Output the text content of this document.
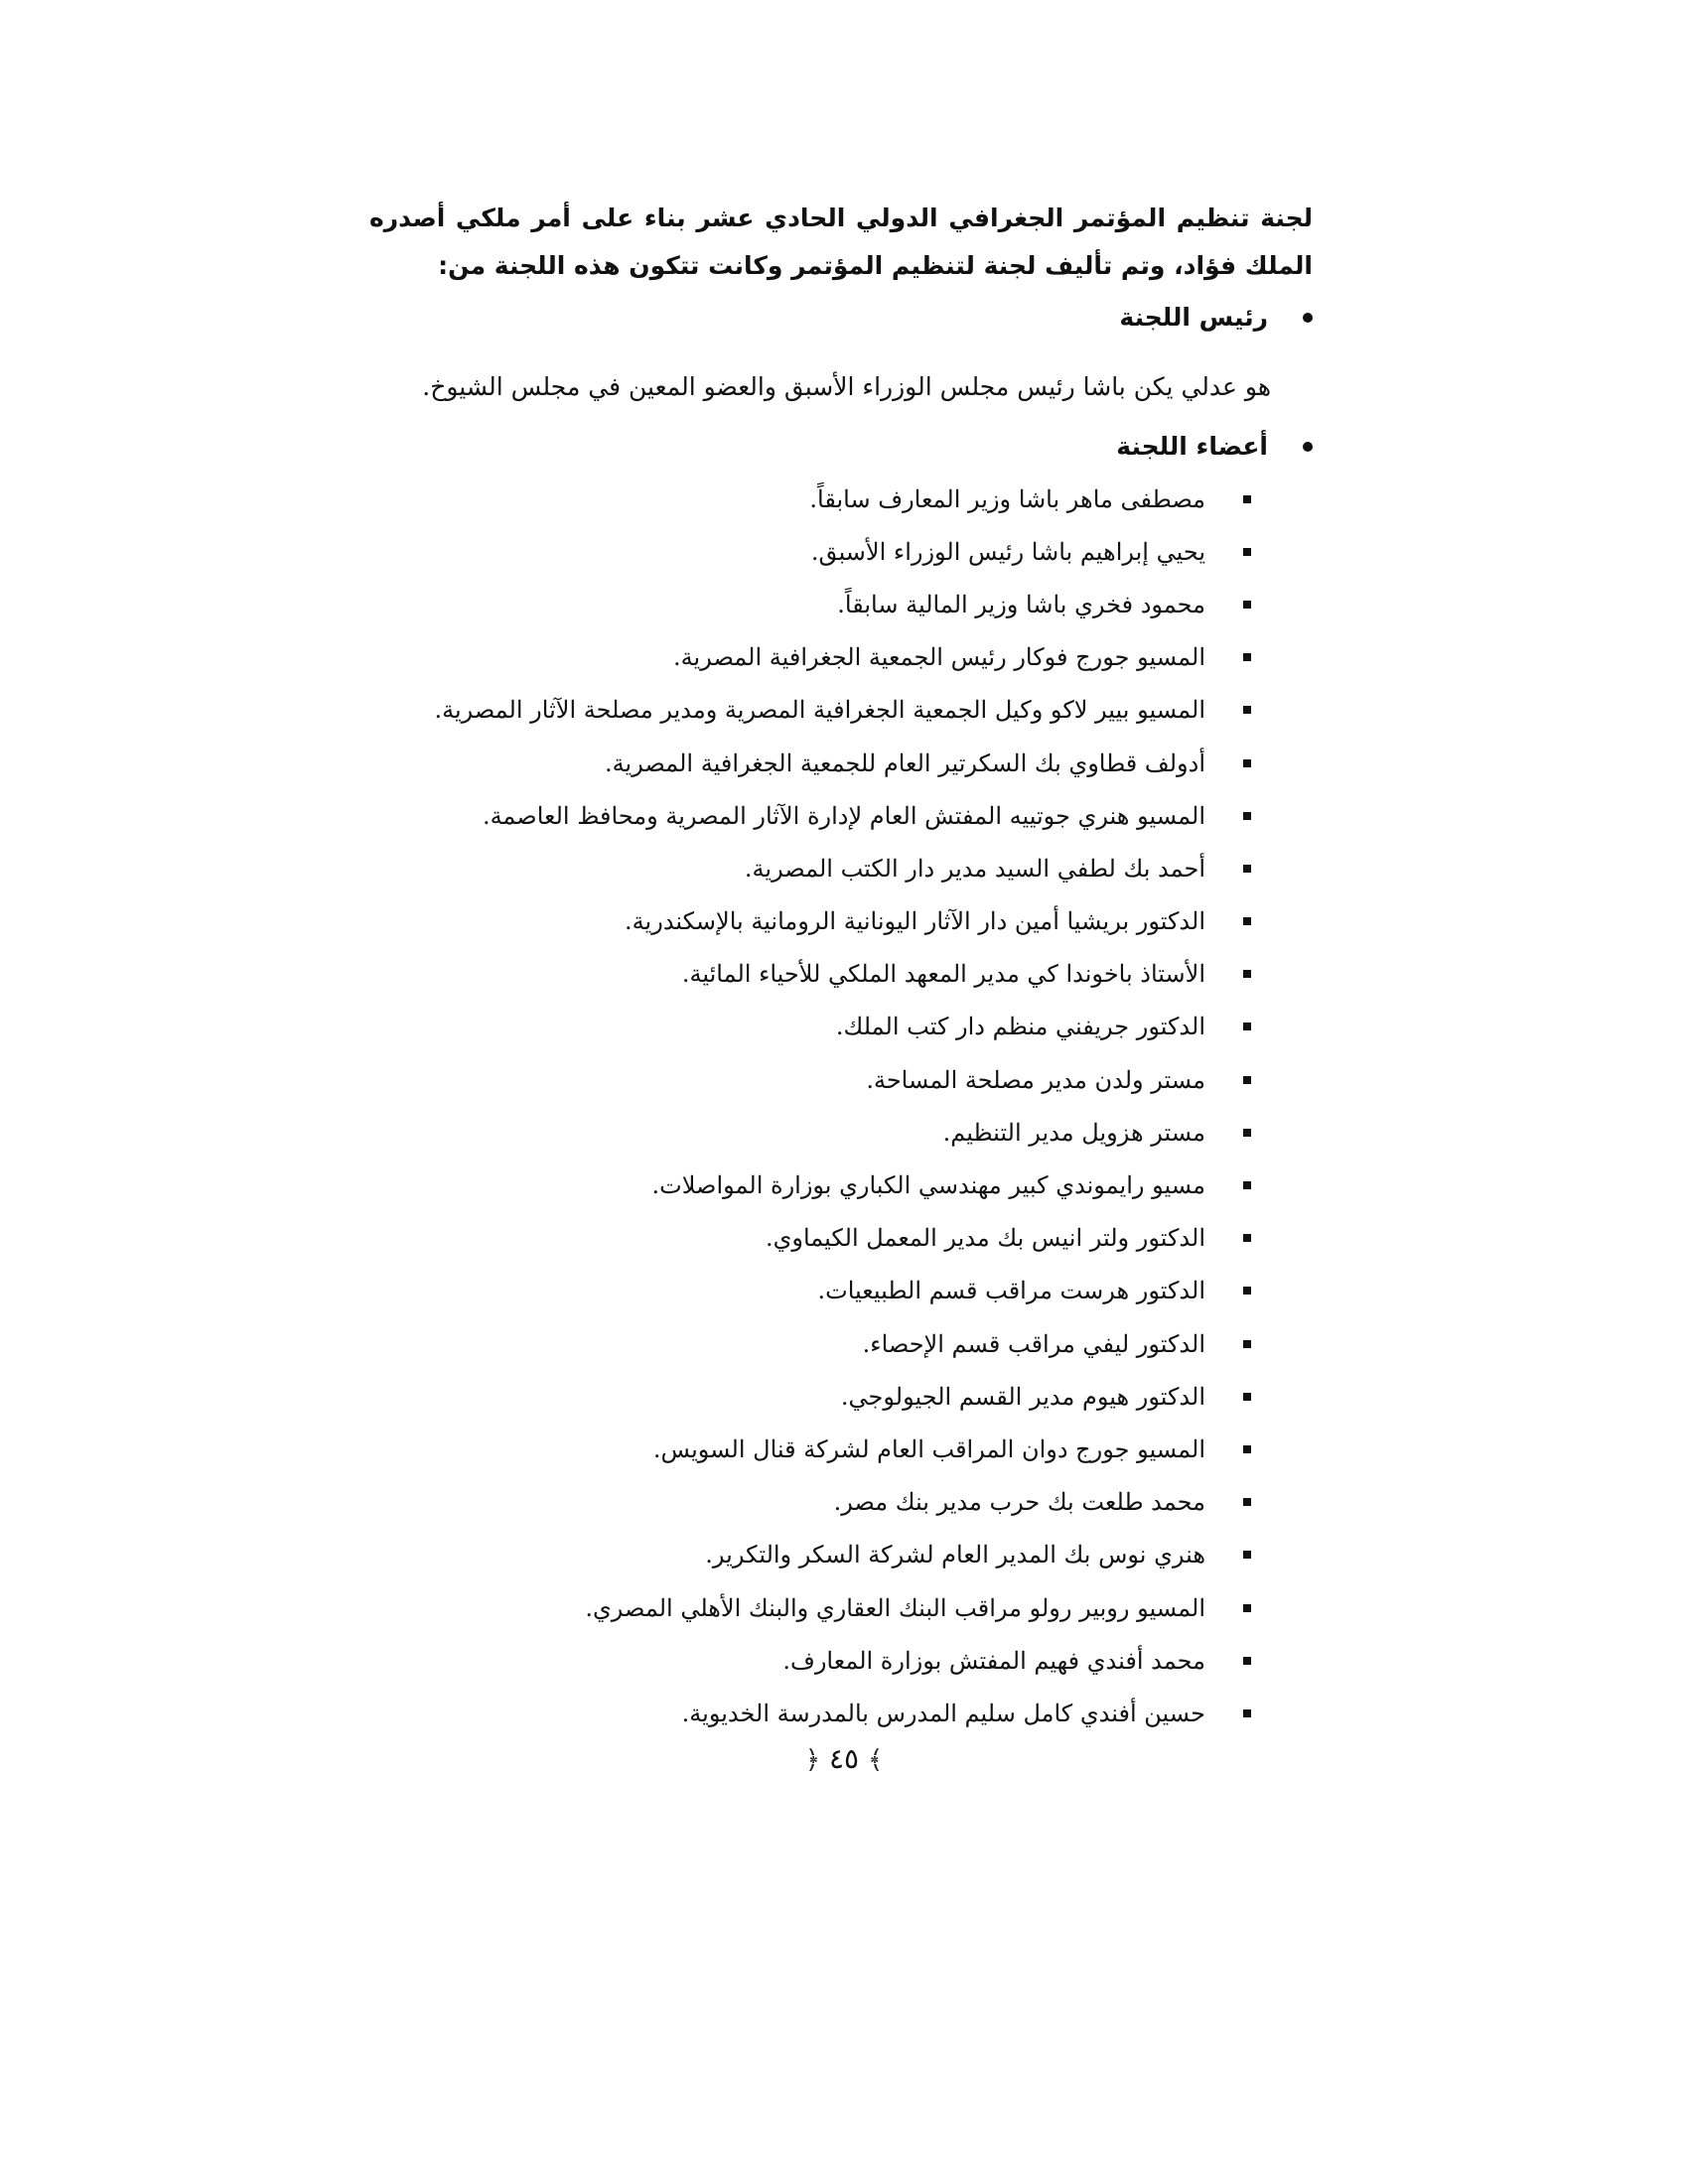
لجنة تنظيم المؤتمر الجغرافي الدولي الحادي عشر بناء على أمر ملكي أصدره الملك فؤاد، وتم تأليف لجنة لتنظيم المؤتمر وكانت تتكون هذه اللجنة من:

رئيس اللجنة
هو عدلي يكن باشا رئيس مجلس الوزراء الأسبق والعضو المعين في مجلس الشيوخ.
أعضاء اللجنة
مصطفى ماهر باشا وزير المعارف سابقاً.
يحيي إبراهيم باشا رئيس الوزراء الأسبق.
محمود فخري باشا وزير المالية سابقاً.
المسيو جورج فوكار رئيس الجمعية الجغرافية المصرية.
المسيو بيير لاكو وكيل الجمعية الجغرافية المصرية ومدير مصلحة الآثار المصرية.
أدولف قطاوي بك السكرتير العام للجمعية الجغرافية المصرية.
المسيو هنري جوتييه المفتش العام لإدارة الآثار المصرية ومحافظ العاصمة.
أحمد بك لطفي السيد مدير دار الكتب المصرية.
الدكتور بريشيا أمين دار الآثار اليونانية الرومانية بالإسكندرية.
الأستاذ باخوندا كي مدير المعهد الملكي للأحياء المائية.
الدكتور جريفني منظم دار كتب الملك.
مستر ولدن مدير مصلحة المساحة.
مستر هزويل مدير التنظيم.
مسيو رايموندي كبير مهندسي الكباري بوزارة المواصلات.
الدكتور ولتر انيس بك مدير المعمل الكيماوي.
الدكتور هرست مراقب قسم الطبيعيات.
الدكتور ليفي مراقب قسم الإحصاء.
الدكتور هيوم مدير القسم الجيولوجي.
المسيو جورج دوان المراقب العام لشركة قنال السويس.
محمد طلعت بك حرب مدير بنك مصر.
هنري نوس بك المدير العام لشركة السكر والتكرير.
المسيو روبير رولو مراقب البنك العقاري والبنك الأهلي المصري.
محمد أفندي فهيم المفتش بوزارة المعارف.
حسين أفندي كامل سليم المدرس بالمدرسة الخديوية.
﴾ ٤٥ ﴿
